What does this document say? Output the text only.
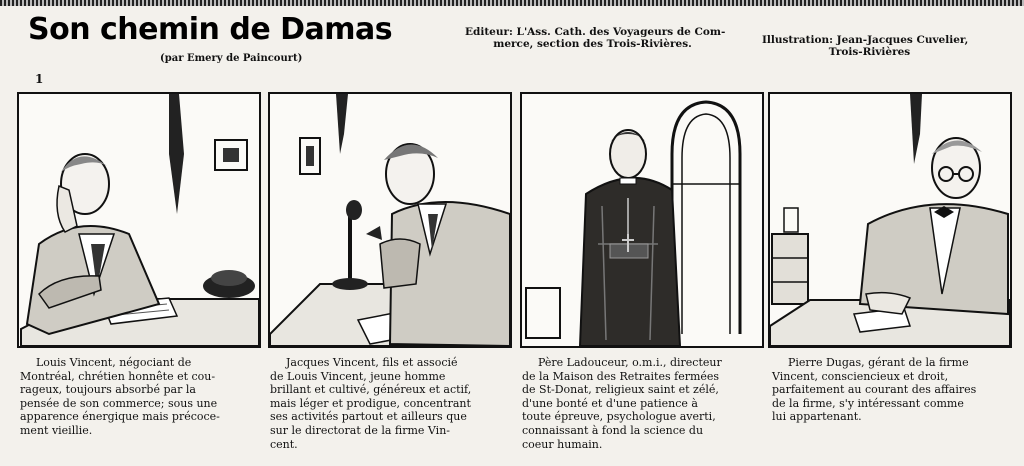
Son chemin de Damas
(par Emery de Paincourt)
Editeur: L'Ass. Cath. des Voyageurs de Com-
merce, section des Trois-Rivières.	Illustration: Jean-Jacques Cuvelier,
Trois-Rivières
1
Louis Vincent, négociant de
Montréal, chrétien honnête et cou-
rageux, toujours absorbé par la
pensée de son commerce; sous une
apparence énergique mais précoce-
ment vieillie.
Jacques Vincent, fils et associé
de Louis Vincent, jeune homme
brillant et cultivé, généreux et actif,
mais léger et prodigue, concentrant
ses activités partout et ailleurs que
sur le directorat de la firme Vin-
cent.
Père Ladouceur, o.m.i., directeur
de la Maison des Retraites fermées
de St-Donat, religieux saint et zélé,
d'une bonté et d'une patience à
toute épreuve, psychologue averti,
connaissant à fond la science du
coeur humain.
Pierre Dugas, gérant de la firme
Vincent, consciencieux et droit,
parfaitement au courant des affaires
de la firme, s'y intéressant comme
lui appartenant.
